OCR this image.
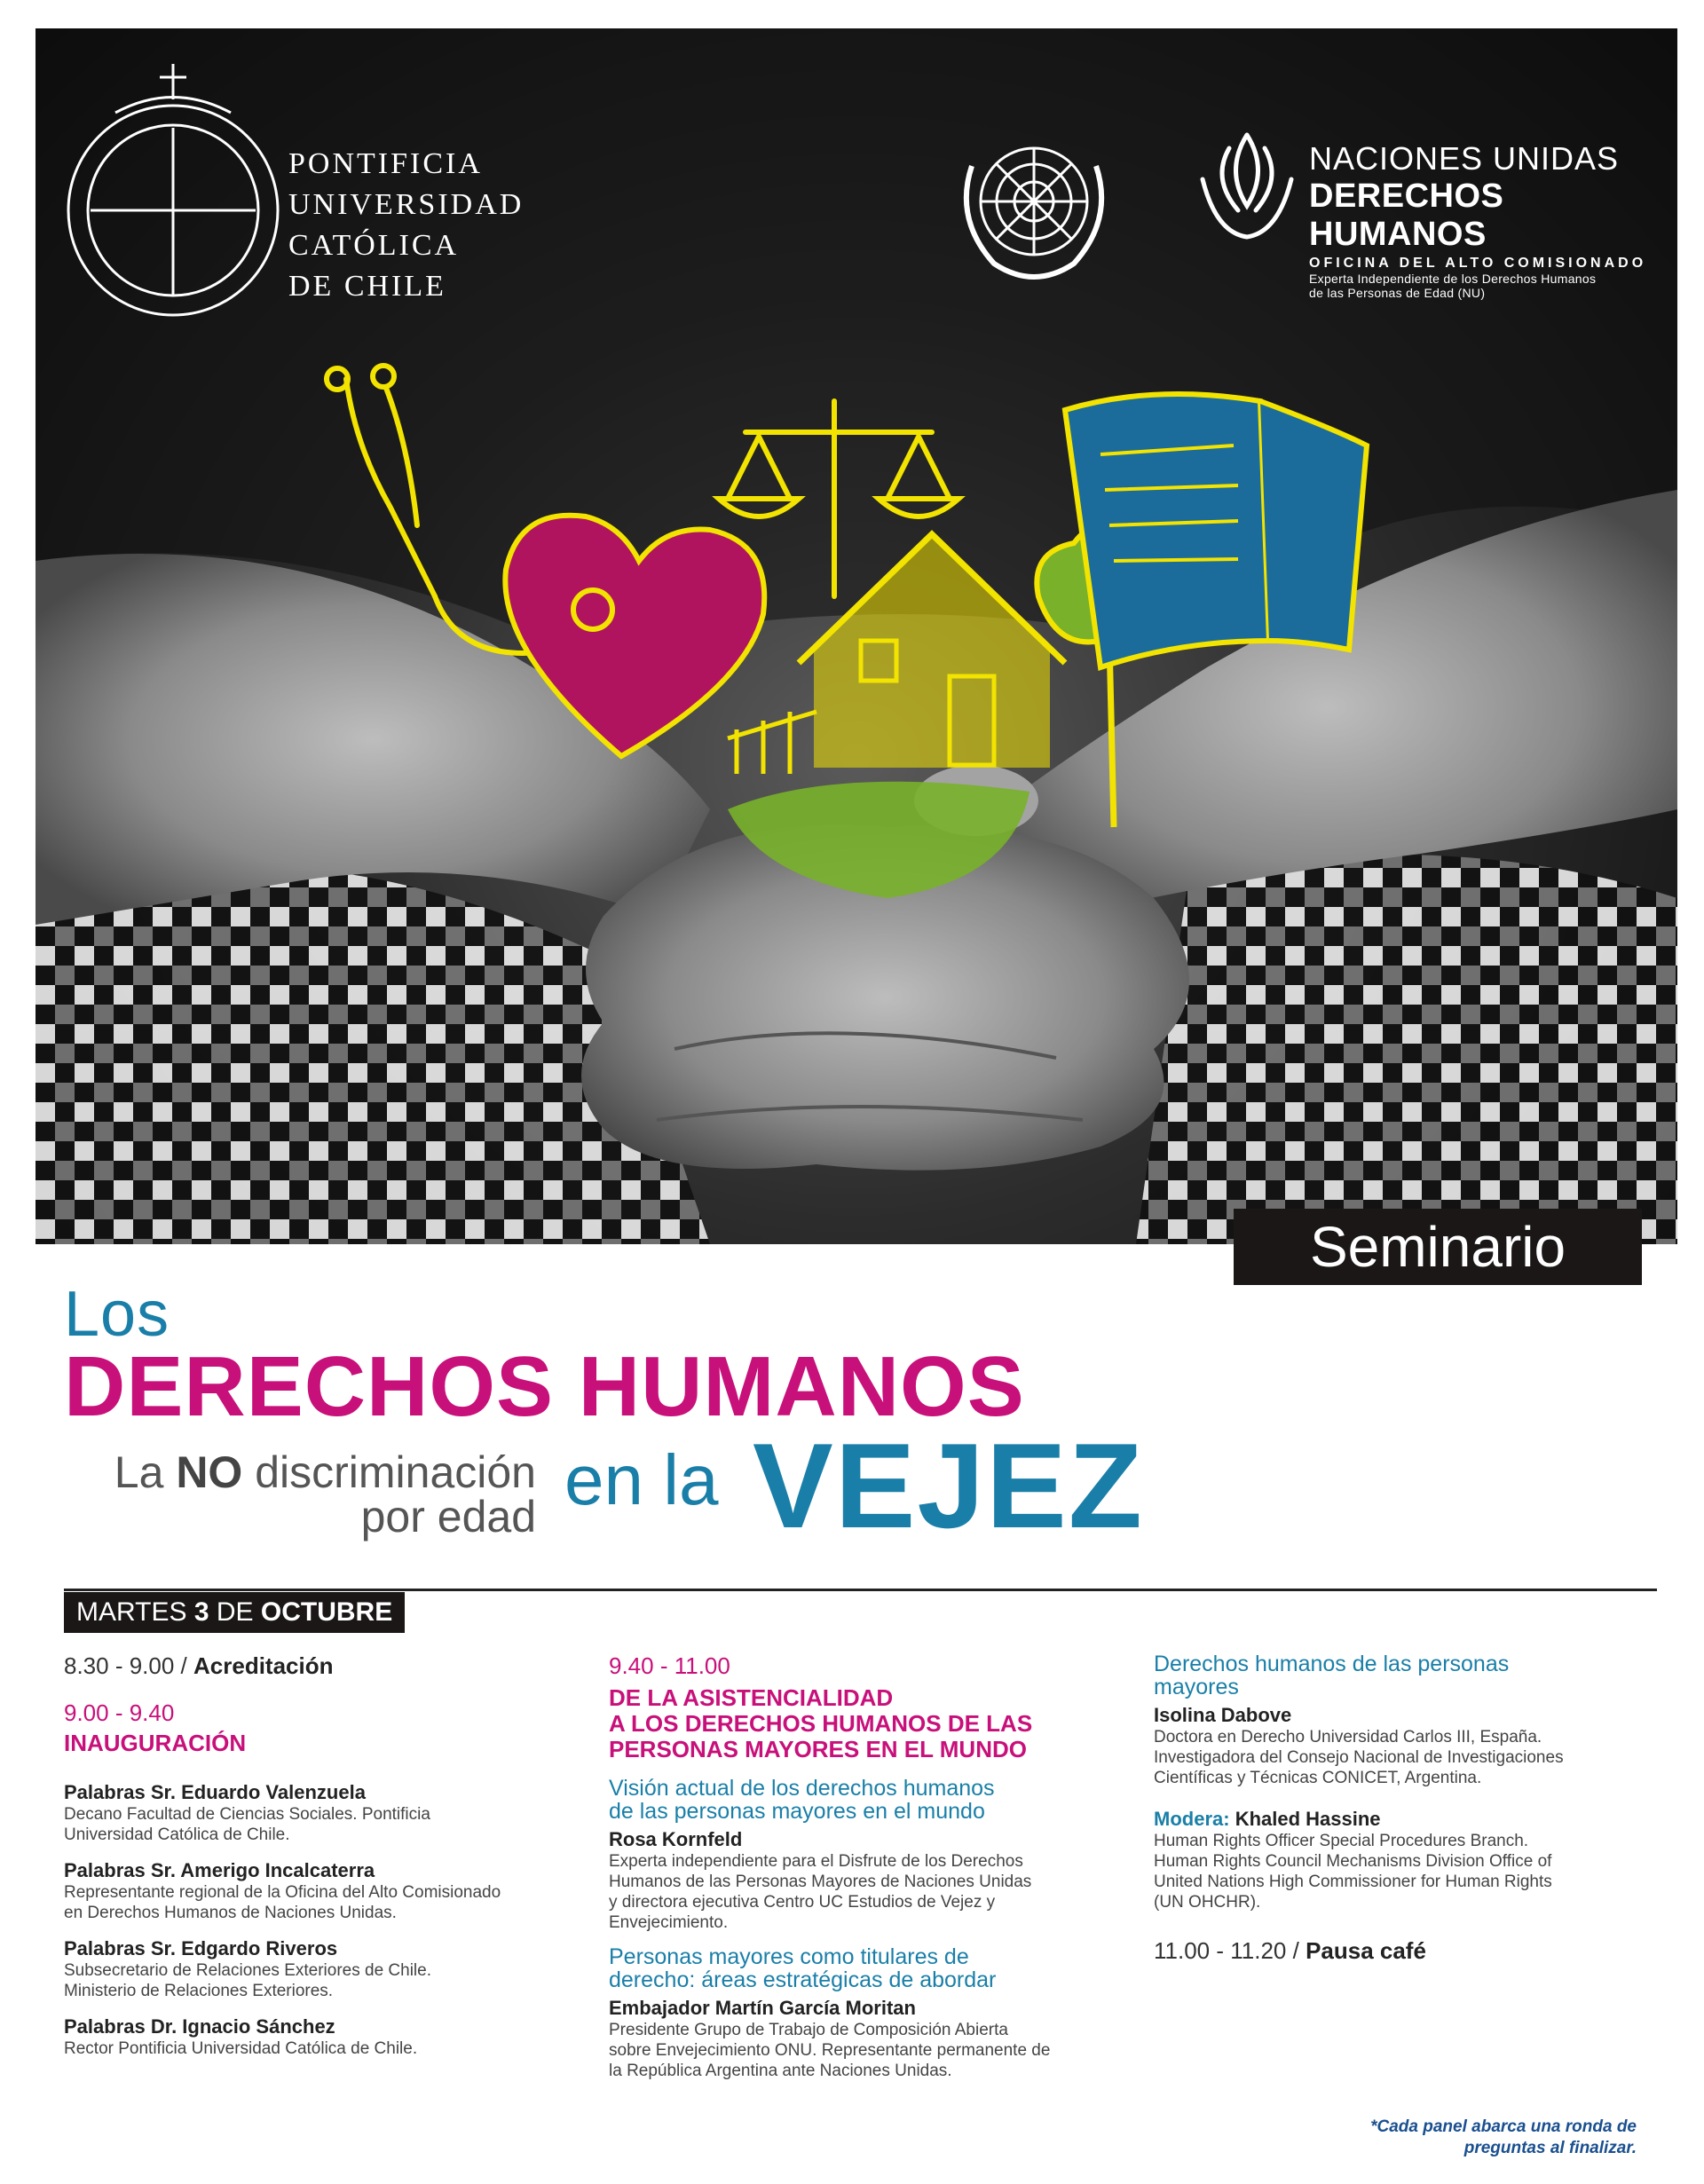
PONTIFICIA
UNIVERSIDAD
CATÓLICA
DE CHILE
NACIONES UNIDAS
DERECHOS HUMANOS
OFICINA DEL ALTO COMISIONADO
Experta Independiente de los Derechos Humanos
de las Personas de Edad (NU)
Seminario
Los
DERECHOS HUMANOS
La NO discriminación
por edad en la VEJEZ
MARTES 3 DE OCTUBRE
8.30 - 9.00 / Acreditación
9.00 - 9.40
INAUGURACIÓN
Palabras Sr. Eduardo Valenzuela
Decano Facultad de Ciencias Sociales. Pontificia
Universidad Católica de Chile.
Palabras Sr. Amerigo Incalcaterra
Representante regional de la Oficina del Alto Comisionado
en Derechos Humanos de Naciones Unidas.
Palabras Sr. Edgardo Riveros
Subsecretario de Relaciones Exteriores de Chile.
Ministerio de Relaciones Exteriores.
Palabras Dr. Ignacio Sánchez
Rector Pontificia Universidad Católica de Chile.
9.40 - 11.00
DE LA ASISTENCIALIDAD
A LOS DERECHOS HUMANOS DE LAS
PERSONAS MAYORES EN EL MUNDO
Visión actual de los derechos humanos
de las personas mayores en el mundo
Rosa Kornfeld
Experta independiente para el Disfrute de los Derechos
Humanos de las Personas Mayores de Naciones Unidas
y directora ejecutiva Centro UC Estudios de Vejez y
Envejecimiento.
Personas mayores como titulares de
derecho: áreas estratégicas de abordar
Embajador Martín García Moritan
Presidente Grupo de Trabajo de Composición Abierta
sobre Envejecimiento ONU. Representante permanente de
la República Argentina ante Naciones Unidas.
Derechos humanos de las personas
mayores
Isolina Dabove
Doctora en Derecho Universidad Carlos III, España.
Investigadora del Consejo Nacional de Investigaciones
Científicas y Técnicas CONICET, Argentina.
Modera: Khaled Hassine
Human Rights Officer Special Procedures Branch.
Human Rights Council Mechanisms Division Office of
United Nations High Commissioner for Human Rights
(UN OHCHR).
11.00 - 11.20 / Pausa café
*Cada panel abarca una ronda de
preguntas al finalizar.
